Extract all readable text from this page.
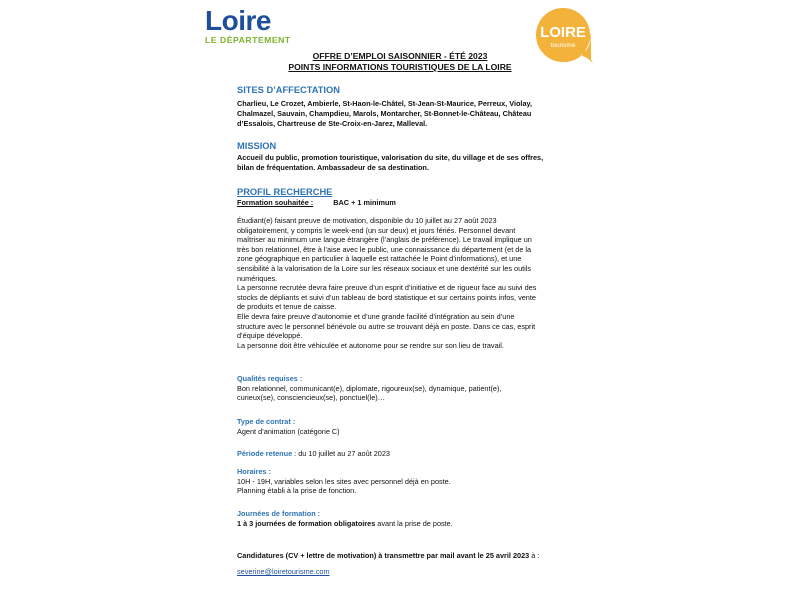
Loire
LE DÉPARTEMENT	LOIRE
tourisme
OFFRE D’EMPLOI SAISONNIER - ÉTÉ 2023
POINTS INFORMATIONS TOURISTIQUES DE LA LOIRE
SITES D’AFFECTATION

Charlieu, Le Crozet, Ambierle, St-Haon-le-Châtel, St-Jean-St-Maurice, Perreux, Violay,

Chalmazel, Sauvain, Champdieu, Marols, Montarcher, St-Bonnet-le-Château, Château

d’Essalois, Chartreuse de Ste-Croix-en-Jarez, Malleval.

MISSION

Accueil du public, promotion touristique, valorisation du site, du village et de ses offres,

bilan de fréquentation. Ambassadeur de sa destination.

PROFIL RECHERCHE
Formation souhaitée :	BAC + 1 minimum

Étudiant(e) faisant preuve de motivation, disponible du 10 juillet au 27 août 2023

obligatoirement, y compris le week-end (un sur deux) et jours fériés. Personnel devant

maîtriser au minimum une langue étrangère (l’anglais de préférence). Le travail implique un

très bon relationnel, être à l’aise avec le public, une connaissance du département (et de la

zone géographique en particulier à laquelle est rattachée le Point d’informations), et une

sensibilité à la valorisation de la Loire sur les réseaux sociaux et une dextérité sur les outils

numériques.

La personne recrutée devra faire preuve d’un esprit d’initiative et de rigueur face au suivi des

stocks de dépliants et suivi d’un tableau de bord statistique et sur certains points infos, vente

de produits et tenue de caisse.

Elle devra faire preuve d’autonomie et d’une grande facilité d’intégration au sein d’une

structure avec le personnel bénévole ou autre se trouvant déjà en poste. Dans ce cas, esprit

d’équipe développé.

La personne doit être véhiculée et autonome pour se rendre sur son lieu de travail.

Qualités requises :

Bon relationnel, communicant(e), diplomate, rigoureux(se), dynamique, patient(e),

curieux(se), consciencieux(se), ponctuel(le)…

Type de contrat :

Agent d’animation (catégorie C)

Période retenue : du 10 juillet au 27 août 2023
Horaires :

10H - 19H, variables selon les sites avec personnel déjà en poste.

Planning établi à la prise de fonction.

Journées de formation :

1 à 3 journées de formation obligatoires avant la prise de poste.

Candidatures (CV + lettre de motivation) à transmettre par mail avant le 25 avril 2023 à :

severine@loiretourisme.com
